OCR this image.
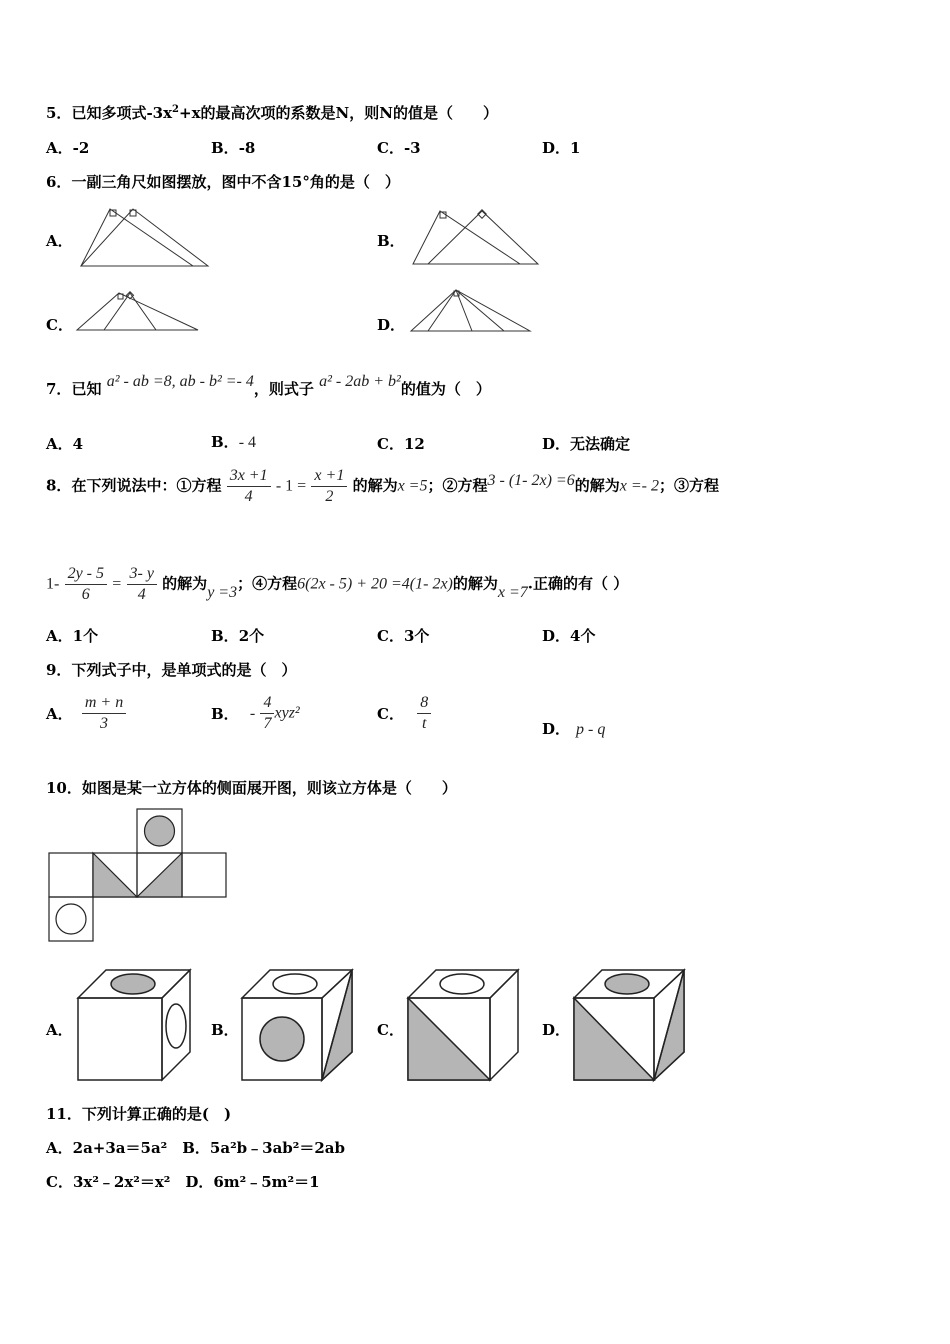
5．已知多项式$-3x^2+x$的最高次项的系数是N，则N的值是（　　）
A．-2	B．-8	C．-3	D．1
6．一副三角尺如图摆放，图中不含15°角的是（　）
A．	B．
C．	D．
7．已知 a² - ab =8, ab - b² =- 4，则式子 a² - 2ab + b²的值为（　）
A．4	B．- 4	C．12	D．无法确定
8．在下列说法中：①方程 $\frac{3x +1}{4} - 1 = \frac{x +1}{2}$ 的解为x =5；②方程3 - (1- 2x) =6的解为x =- 2；③方程
$1- \frac{2y - 5}{6} = \frac{3- y}{4}$ 的解为y =3；④方程6(2x - 5) + 20 =4(1- 2x)的解为x =7.正确的有（ ）
A．1个	B．2个	C．3个	D．4个
9．下列式子中，是单项式的是（　）
A． $\frac{m + n}{3}$	B． - $\frac{4}{7} xyz^2$	C． $\frac{8}{t}$	D． p - q
10．如图是某一立方体的侧面展开图，则该立方体是（　　）
A．	B．	C．	D．
11．下列计算正确的是(　)
A．2a+3a＝5a²　B．5a²b﹣3ab²＝2ab
C．3x²﹣2x²＝x²　D．6m²﹣5m²＝1
